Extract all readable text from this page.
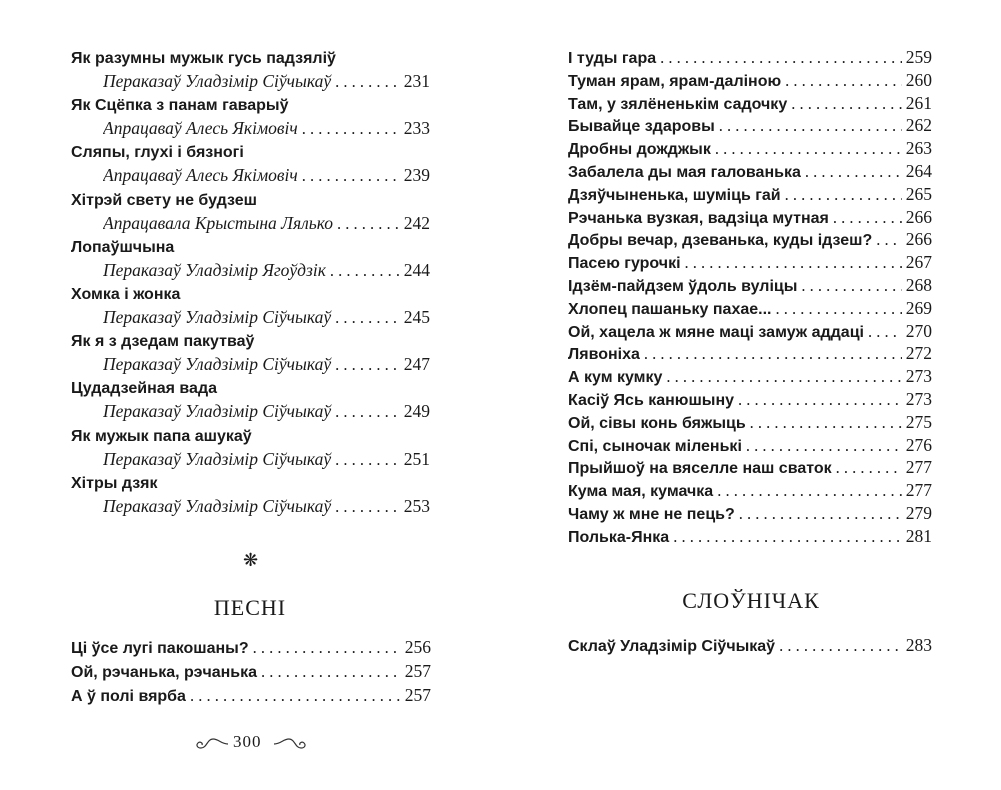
Як разумны мужык гусь падзяліў
Пераказаў Уладзімір Сіўчыкаў . . .	231
Як Сцёпка з панам гаварыў
Апрацаваў Алесь Якімовіч . . .	233
Сляпы, глухі і бязногі
Апрацаваў Алесь Якімовіч . . .	239
Хітрэй свету не будзеш
Апрацавала Крыстына Лялько . . .	242
Лопаўшчына
Пераказаў Уладзімір Ягоўдзік . . .	244
Хомка і жонка
Пераказаў Уладзімір Сіўчыкаў . . .	245
Як я з дзедам пакутваў
Пераказаў Уладзімір Сіўчыкаў . . .	247
Цудадзейная вада
Пераказаў Уладзімір Сіўчыкаў . . .	249
Як мужык папа ашукаў
Пераказаў Уладзімір Сіўчыкаў . . .	251
Хітры дзяк
Пераказаў Уладзімір Сіўчыкаў . . .	253
❋
ПЕСНІ
Ці ўсе лугі пакошаны? . . .	256
Ой, рэчанька, рэчанька . . .	257
А ў полі вярба . . .	257
300
І туды гара . . .	259
Туман ярам, ярам-даліною . . .	260
Там, у зялёненькім садочку . . .	261
Бывайце здаровы . . .	262
Дробны дожджык . . .	263
Забалела ды мая галованька . . .	264
Дзяўчыненька, шуміць гай . . .	265
Рэчанька вузкая, вадзіца мутная . . .	266
Добры вечар, дзеванька, куды ідзеш? . . . 266
Пасею гурочкі . . .	267
Ідзём-пайдзем ўдоль вуліцы . . .	268
Хлопец пашаньку пахае... . . .	269
Ой, хацела ж мяне маці замуж аддаці . . . 270
Лявоніха . . .	272
А кум кумку . . .	273
Касіў Ясь канюшыну . . .	273
Ой, сівы конь бяжыць . . .	275
Спі, сыночак міленькі . . .	276
Прыйшоў на вяселле наш сваток . . .	277
Кума мая, кумачка . . .	277
Чаму ж мне не пець? . . .	279
Полька-Янка . . .	281
СЛОЎНІЧАК
Склаў Уладзімір Сіўчыкаў . . .	283
